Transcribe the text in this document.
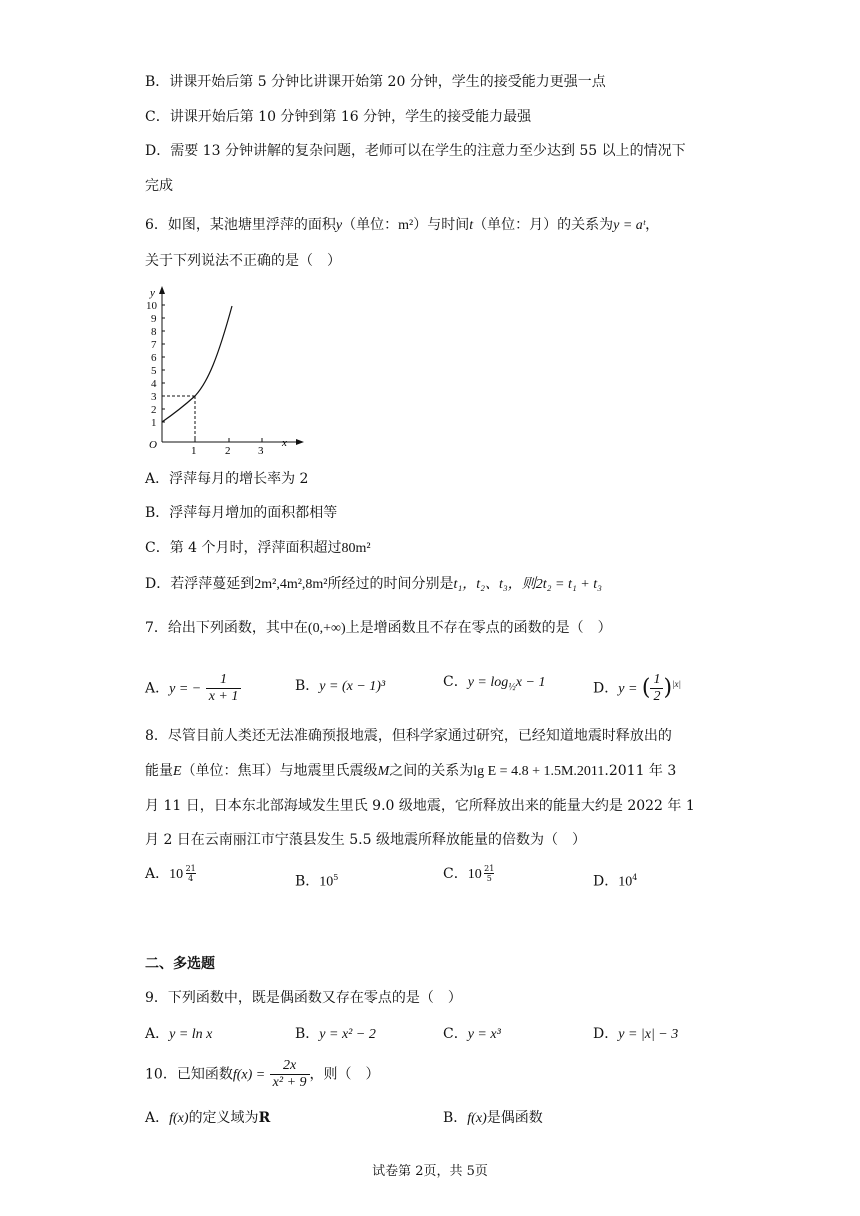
B．讲课开始后第 5 分钟比讲课开始第 20 分钟，学生的接受能力更强一点
C．讲课开始后第 10 分钟到第 16 分钟，学生的接受能力最强
D．需要 13 分钟讲解的复杂问题，老师可以在学生的注意力至少达到 55 以上的情况下
完成
6．如图，某池塘里浮萍的面积y（单位：m²）与时间t（单位：月）的关系为y = aᵗ，
关于下列说法不正确的是（　）
y
x
O
1
2
3
4
5
6
7
8
9
10
1	2	3
A．浮萍每月的增长率为 2
B．浮萍每月增加的面积都相等
C．第 4 个月时，浮萍面积超过80m²
D．若浮萍蔓延到2m²,4m²,8m²所经过的时间分别是t₁，t₂、t₃，则2t₂ = t₁ + t₃
7．给出下列函数，其中在(0,+∞)上是增函数且不存在零点的函数的是（　）
A．y = − $\frac{1}{x + 1}$	B．y = (x − 1)³	C．$y = \log_{\frac{1}{2}}x - 1$	D．y = ( $\frac{1}{2} )^{|x|}$
8．尽管目前人类还无法准确预报地震，但科学家通过研究，已经知道地震时释放出的
能量E（单位：焦耳）与地震里氏震级M之间的关系为lg E = 4.8 + 1.5M.2011.2011 年 3
月 11 日，日本东北部海域发生里氏 9.0 级地震，它所释放出来的能量大约是 2022 年 1
月 2 日在云南丽江市宁蒗县发生 5.5 级地震所释放能量的倍数为（　）
A．$10 \frac{21}{4}$	B．$10^5$	C．$10 \frac{21}{5}$	D．$10^4$
二、多选题
9．下列函数中，既是偶函数又存在零点的是（　）
A．y = ln x	B．y = x² − 2	C．y = x³	D．y = |x| − 3
10．已知函数$f(x) = \frac{2x}{\text{x² + 9}}$ ，则（　）
A．f(x)的定义域为R	B．f(x)是偶函数
试卷第 2页，共 5页
